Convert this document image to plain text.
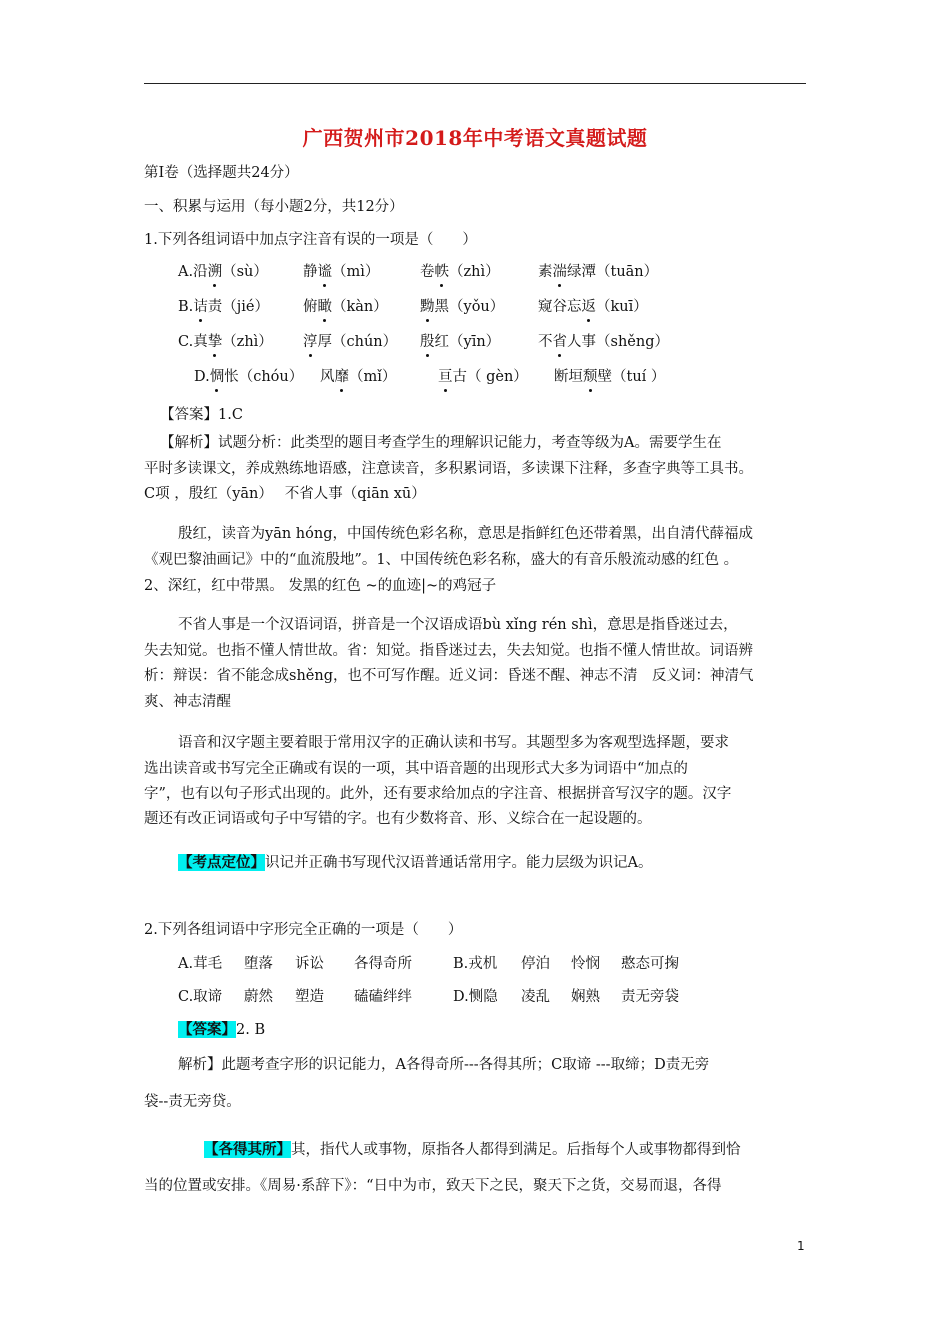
广西贺州市2018年中考语文真题试题
第Ⅰ卷（选择题共24分）
一、积累与运用（每小题2分，共12分）
1.下列各组词语中加点字注音有误的一项是（　　）
A.沿溯（sù） 静谧（mì）	卷帙（zhì）	素湍绿潭（tuān）
B.诘责（jié） 俯瞰（kàn） 黝黑（yǒu） 窥谷忘返（kuī）
C.真挚（zhì） 淳厚（chún） 殷红（yīn）	不省人事（shěng）
D.惆怅（chóu） 风靡（mǐ）	亘古（ gèn） 断垣颓壁（tuí ）
【答案】1.C
【解析】试题分析：此类型的题目考查学生的理解识记能力，考查等级为A。需要学生在
平时多读课文，养成熟练地语感，注意读音，多积累词语，多读课下注释，多查字典等工具书。
C项 ，殷红（yān）　 不省人事（qiān xū）
殷红，读音为yān hóng，中国传统色彩名称，意思是指鲜红色还带着黑，出自清代薛福成
《观巴黎油画记》中的“血流殷地”。1、中国传统色彩名称，盛大的有音乐般流动感的红色 。
2、深红，红中带黑。 发黑的红色 ~的血迹|~的鸡冠子
不省人事是一个汉语词语，拼音是一个汉语成语bù xǐng rén shì，意思是指昏迷过去，
失去知觉。也指不懂人情世故。省：知觉。指昏迷过去，失去知觉。也指不懂人情世故。词语辨
析：辩误：省不能念成shěng，也不可写作醒。近义词：昏迷不醒、神志不清　反义词：神清气
爽、神志清醒
语音和汉字题主要着眼于常用汉字的正确认读和书写。其题型多为客观型选择题，要求
选出读音或书写完全正确或有误的一项，其中语音题的出现形式大多为词语中“加点的
字”，也有以句子形式出现的。此外，还有要求给加点的字注音、根据拼音写汉字的题。汉字
题还有改正词语或句子中写错的字。也有少数将音、形、义综合在一起设题的。
【考点定位】识记并正确书写现代汉语普通话常用字。能力层级为识记A。
2.下列各组词语中字形完全正确的一项是（　　）
A.茸毛 堕落 诉讼 各得奇所	B.戎机 停泊 怜悯 憨态可掬
C.取谛 蔚然 塑造 磕磕绊绊	D.恻隐 凌乱 娴熟 责无旁袋
【答案】2. B
解析】此题考查字形的识记能力，A各得奇所---各得其所；C取谛 ---取缔；D责无旁
袋--责无旁贷。
【各得其所】其，指代人或事物，原指各人都得到满足。后指每个人或事物都得到恰
当的位置或安排。《周易·系辞下》：“日中为市，致天下之民，聚天下之货，交易而退，各得
1
